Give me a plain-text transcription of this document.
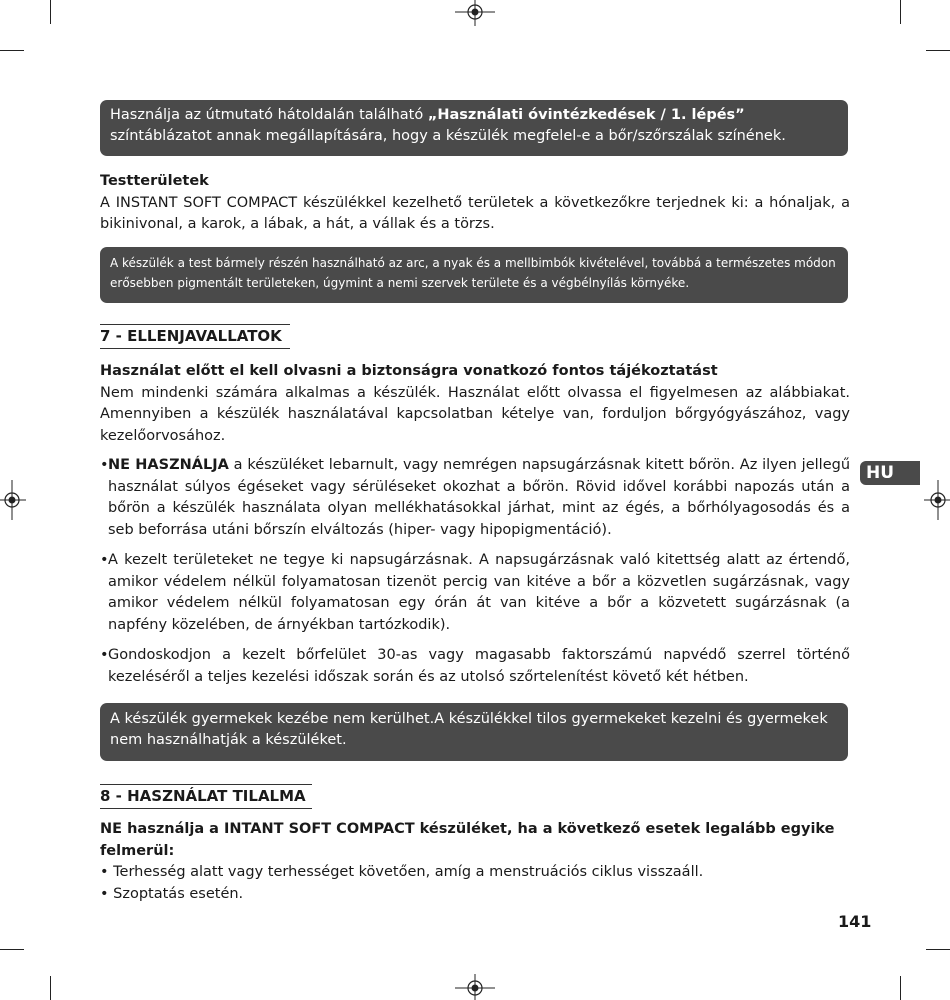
Használja az útmutató hátoldalán található „Használati óvintézkedések / 1. lépés” színtáblázatot annak megállapítására, hogy a készülék megfelel-e a bőr/szőrszálak színének.
Testterületek
A INSTANT SOFT COMPACT készülékkel kezelhető területek a következőkre terjednek ki: a hónaljak, a bikinivonal, a karok, a lábak, a hát, a vállak és a törzs.
A készülék a test bármely részén használható az arc, a nyak és a mellbimbók kivételével, továbbá a természetes módon erősebben pigmentált területeken, úgymint a nemi szervek területe és a végbélnyílás környéke.
7 - ELLENJAVALLATOK
Használat előtt el kell olvasni a biztonságra vonatkozó fontos tájékoztatást
Nem mindenki számára alkalmas a készülék. Használat előtt olvassa el figyelmesen az alábbiakat. Amennyiben a készülék használatával kapcsolatban kételye van, forduljon bőrgyógyászához, vagy kezelőorvosához.
• NE HASZNÁLJA a készüléket lebarnult, vagy nemrégen napsugárzásnak kitett bőrön. Az ilyen jellegű használat súlyos égéseket vagy sérüléseket okozhat a bőrön. Rövid idővel korábbi napozás után a bőrön a készülék használata olyan mellékhatásokkal járhat, mint az égés, a bőrhólyagosodás és a seb beforrása utáni bőrszín elváltozás (hiper- vagy hipopigmentáció).
• A kezelt területeket ne tegye ki napsugárzásnak. A napsugárzásnak való kitettség alatt az értendő, amikor védelem nélkül folyamatosan tizenöt percig van kitéve a bőr a közvetlen sugárzásnak, vagy amikor védelem nélkül folyamatosan egy órán át van kitéve a bőr a közvetett sugárzásnak (a napfény közelében, de árnyékban tartózkodik).
• Gondoskodjon a kezelt bőrfelület 30-as vagy magasabb faktorszámú napvédő szerrel történő kezeléséről a teljes kezelési időszak során és az utolsó szőrtelenítést követő két hétben.
A készülék gyermekek kezébe nem kerülhet.A készülékkel tilos gyermekeket kezelni és gyermekek nem használhatják a készüléket.
8 - HASZNÁLAT TILALMA
NE használja a INTANT SOFT COMPACT készüléket, ha a következő esetek legalább egyike felmerül:
• Terhesség alatt vagy terhességet követően, amíg a menstruációs ciklus visszaáll.
• Szoptatás esetén.
HU
141
